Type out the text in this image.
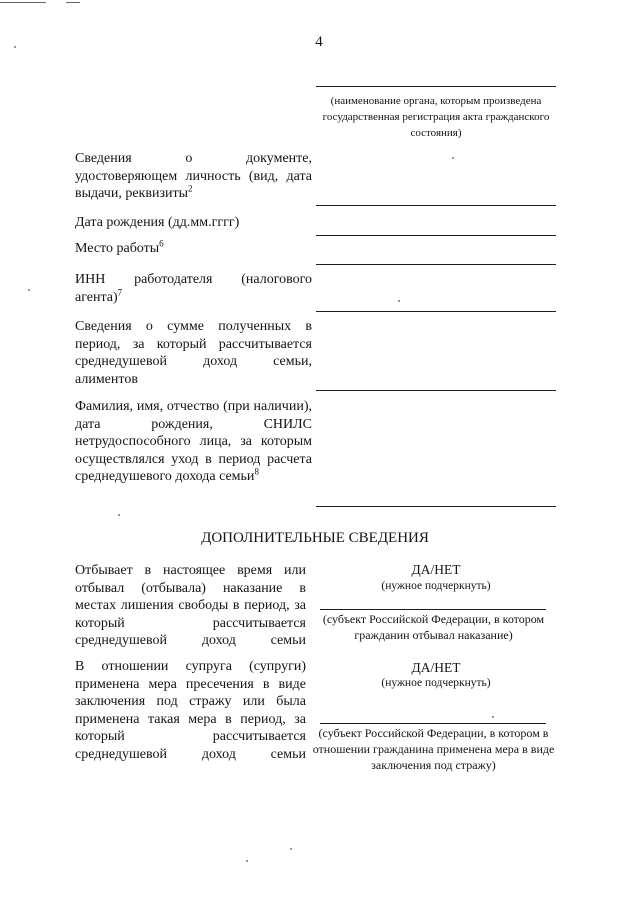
4
(наименование органа, которым произведена государственная регистрация акта гражданского состояния)
Сведения о документе, удостоверяющем личность (вид, дата выдачи, реквизиты$^2$
Дата рождения (дд.мм.гггг)
Место работы$^6$
ИНН работодателя (налогового агента)$^7$
Сведения о сумме полученных в период, за который рассчитывается среднедушевой доход семьи, алиментов
Фамилия, имя, отчество (при наличии), дата рождения, СНИЛС нетрудоспособного лица, за которым осуществлялся уход в период расчета среднедушевого дохода семьи$^8$
ДОПОЛНИТЕЛЬНЫЕ СВЕДЕНИЯ
Отбывает в настоящее время или отбывал (отбывала) наказание в местах лишения свободы в период, за который рассчитывается среднедушевой доход семьи
ДА/НЕТ
(нужное подчеркнуть)
(субъект Российской Федерации, в котором гражданин отбывал наказание)
В отношении супруга (супруги) применена мера пресечения в виде заключения под стражу или была применена такая мера в период, за который рассчитывается среднедушевой доход семьи
ДА/НЕТ
(нужное подчеркнуть)
(субъект Российской Федерации, в котором в отношении гражданина применена мера в виде заключения под стражу)
